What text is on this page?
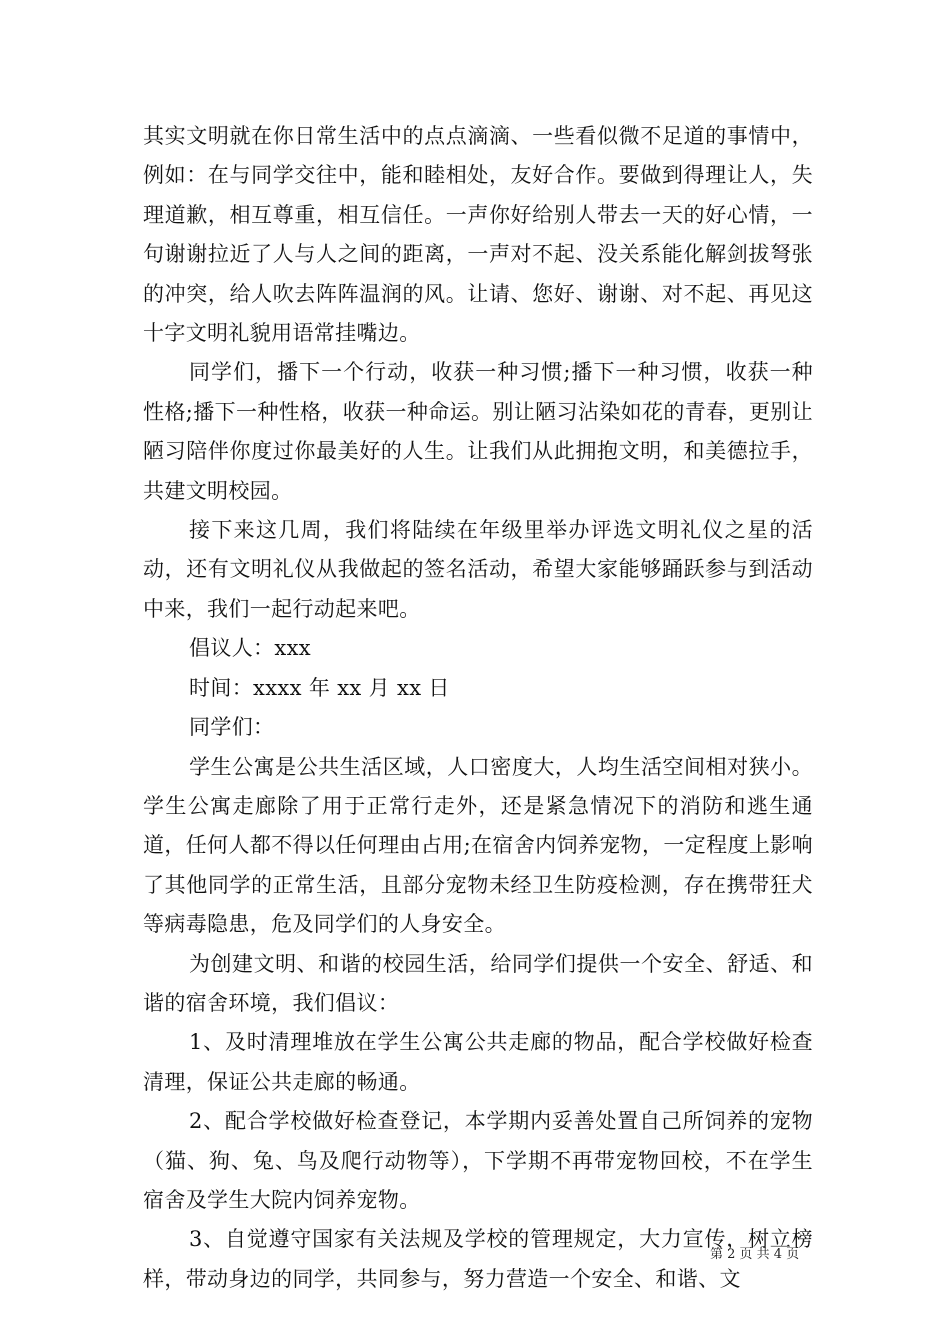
其实文明就在你日常生活中的点点滴滴、一些看似微不足道的事情中，例如：在与同学交往中，能和睦相处，友好合作。要做到得理让人，失理道歉，相互尊重，相互信任。一声你好给别人带去一天的好心情，一句谢谢拉近了人与人之间的距离，一声对不起、没关系能化解剑拔弩张的冲突，给人吹去阵阵温润的风。让请、您好、谢谢、对不起、再见这十字文明礼貌用语常挂嘴边。

同学们，播下一个行动，收获一种习惯;播下一种习惯，收获一种性格;播下一种性格，收获一种命运。别让陋习沾染如花的青春，更别让陋习陪伴你度过你最美好的人生。让我们从此拥抱文明，和美德拉手，共建文明校园。

接下来这几周，我们将陆续在年级里举办评选文明礼仪之星的活动，还有文明礼仪从我做起的签名活动，希望大家能够踊跃参与到活动中来，我们一起行动起来吧。

倡议人：xxx

时间：xxxx 年 xx 月 xx 日

同学们：

学生公寓是公共生活区域，人口密度大，人均生活空间相对狭小。学生公寓走廊除了用于正常行走外，还是紧急情况下的消防和逃生通道，任何人都不得以任何理由占用;在宿舍内饲养宠物，一定程度上影响了其他同学的正常生活，且部分宠物未经卫生防疫检测，存在携带狂犬等病毒隐患，危及同学们的人身安全。

为创建文明、和谐的校园生活，给同学们提供一个安全、舒适、和谐的宿舍环境，我们倡议：

1、及时清理堆放在学生公寓公共走廊的物品，配合学校做好检查清理，保证公共走廊的畅通。

2、配合学校做好检查登记，本学期内妥善处置自己所饲养的宠物（猫、狗、兔、鸟及爬行动物等），下学期不再带宠物回校，不在学生宿舍及学生大院内饲养宠物。

3、自觉遵守国家有关法规及学校的管理规定，大力宣传，树立榜样，带动身边的同学，共同参与，努力营造一个安全、和谐、文

第 2 页 共 4 页
